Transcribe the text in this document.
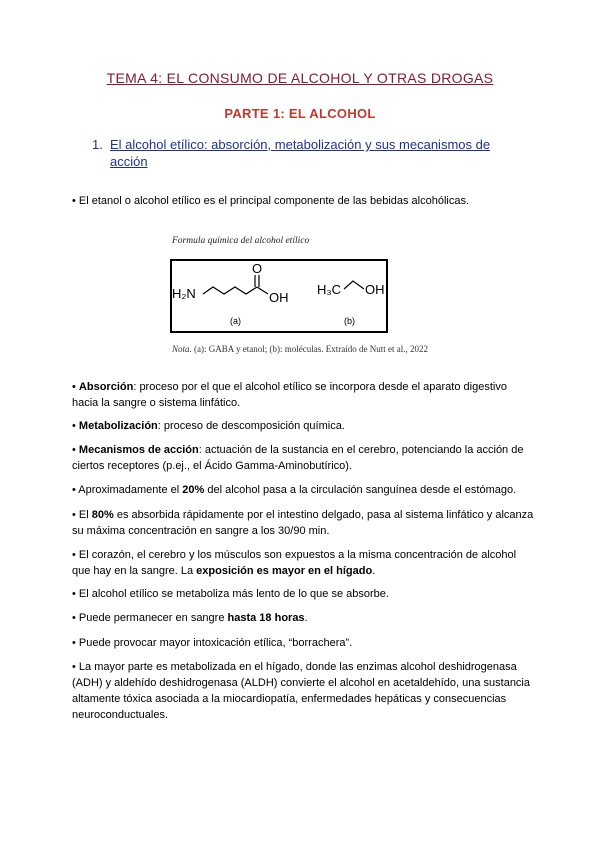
TEMA 4: EL CONSUMO DE ALCOHOL Y OTRAS DROGAS
PARTE 1: EL ALCOHOL
1. El alcohol etílico: absorción, metabolización y sus mecanismos de acción
• El etanol o alcohol etílico es el principal componente de las bebidas alcohólicas.
Formula química del alcohol etílico
H₂N
O
OH
(a)
H₃C OH
(b)
Nota. (a): GABA y etanol; (b): moléculas. Extraído de Nutt et al., 2022
• Absorción: proceso por el que el alcohol etílico se incorpora desde el aparato digestivo hacia la sangre o sistema linfático.
• Metabolización: proceso de descomposición química.
• Mecanismos de acción: actuación de la sustancia en el cerebro, potenciando la acción de ciertos receptores (p.ej., el Ácido Gamma-Aminobutírico).
• Aproximadamente el 20% del alcohol pasa a la circulación sanguínea desde el estómago.
• El 80% es absorbida rápidamente por el intestino delgado, pasa al sistema linfático y alcanza su máxima concentración en sangre a los 30/90 min.
• El corazón, el cerebro y los músculos son expuestos a la misma concentración de alcohol que hay en la sangre. La exposición es mayor en el hígado.
• El alcohol etílico se metaboliza más lento de lo que se absorbe.
• Puede permanecer en sangre hasta 18 horas.
• Puede provocar mayor intoxicación etílica, “borrachera”.
• La mayor parte es metabolizada en el hígado, donde las enzimas alcohol deshidrogenasa (ADH) y aldehído deshidrogenasa (ALDH) convierte el alcohol en acetaldehído, una sustancia altamente tóxica asociada a la miocardiopatía, enfermedades hepáticas y consecuencias neuroconductuales.
